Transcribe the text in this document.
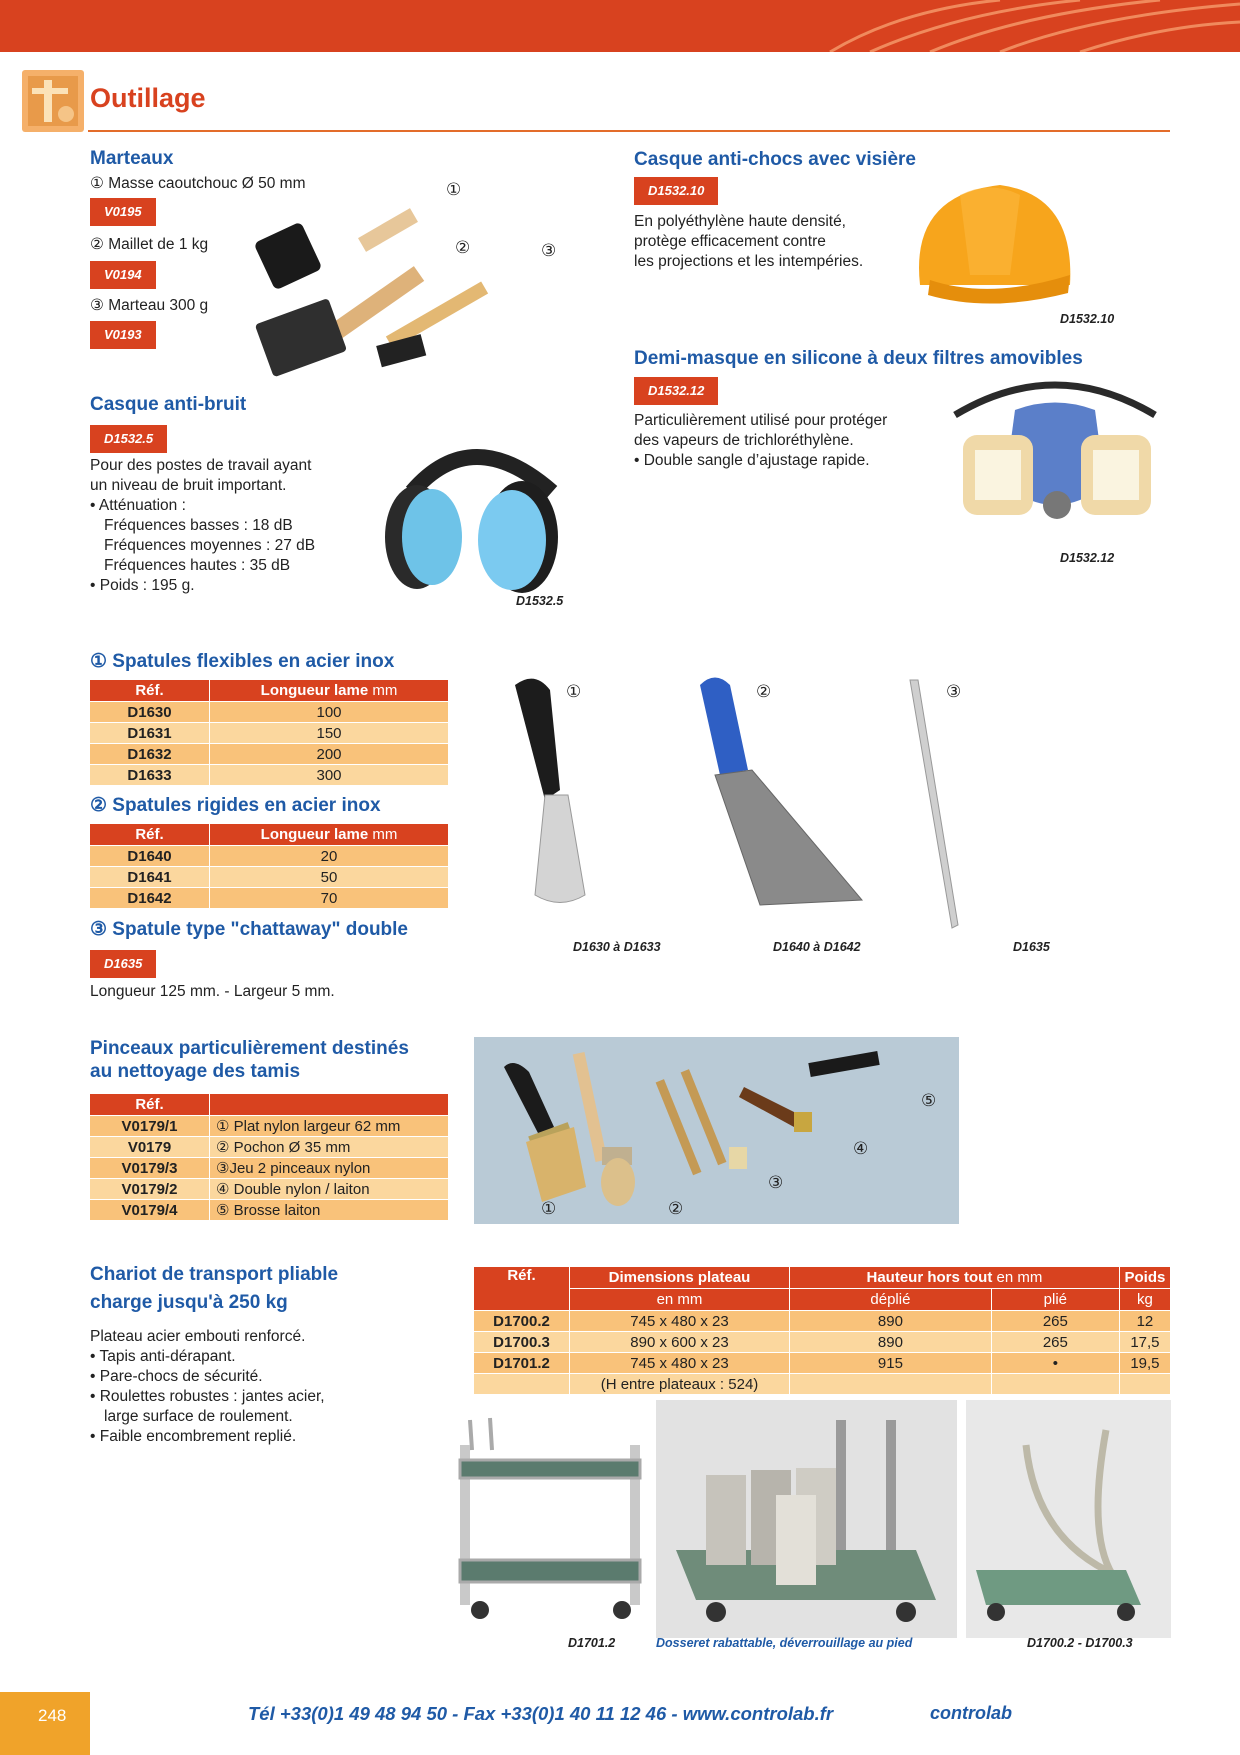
Outillage
Marteaux
① Masse caoutchouc Ø 50 mm
V0195
② Maillet de 1 kg
V0194
③ Marteau 300 g
V0193
①
②	③
Casque anti-chocs avec visière
D1532.10
En polyéthylène haute densité,
protège efficacement contre
les projections et les intempéries.
D1532.10
Demi-masque en silicone à deux filtres amovibles
D1532.12
Particulièrement utilisé pour protéger
des vapeurs de trichloréthylène.
• Double sangle d’ajustage rapide.
D1532.12
Casque anti-bruit
D1532.5
Pour des postes de travail ayant
un niveau de bruit important.
• Atténuation :
Fréquences basses : 18 dB
Fréquences moyennes : 27 dB
Fréquences hautes : 35 dB
• Poids : 195 g.
D1532.5
① Spatules flexibles en acier inox
Réf.	Longueur lame mm
D1630	100
D1631	150
D1632	200
D1633	300
② Spatules rigides en acier inox
Réf.	Longueur lame mm
D1640	20
D1641	50
D1642	70
③ Spatule type "chattaway" double
D1635
Longueur 125 mm. - Largeur 5 mm.
①	②	③
D1630 à D1633	D1640 à D1642	D1635
Pinceaux particulièrement destinés
au nettoyage des tamis
Réf.	
V0179/1	① Plat nylon largeur 62 mm
V0179	② Pochon Ø 35 mm
V0179/3	③Jeu 2 pinceaux nylon
V0179/2	④ Double nylon / laiton
V0179/4	⑤ Brosse laiton	①	②
③
④
⑤
Chariot de transport pliable
charge jusqu'à 250 kg
Plateau acier embouti renforcé.
• Tapis anti-dérapant.
• Pare-chocs de sécurité.
• Roulettes robustes : jantes acier,
large surface de roulement.
• Faible encombrement replié.
Réf.	Dimensions plateau	Hauteur hors tout en mm		Poids
	en mm	déplié	plié	kg
D1700.2	745 x 480 x 23	890	265	12
D1700.3	890 x 600 x 23	890	265	17,5
D1701.2	745 x 480 x 23	915	•	19,5
	(H entre plateaux : 524)			
D1701.2	Dosseret rabattable, déverrouillage au pied	D1700.2 - D1700.3
248	Tél +33(0)1 49 48 94 50 - Fax +33(0)1 40 11 12 46 - www.controlab.fr	controlab
